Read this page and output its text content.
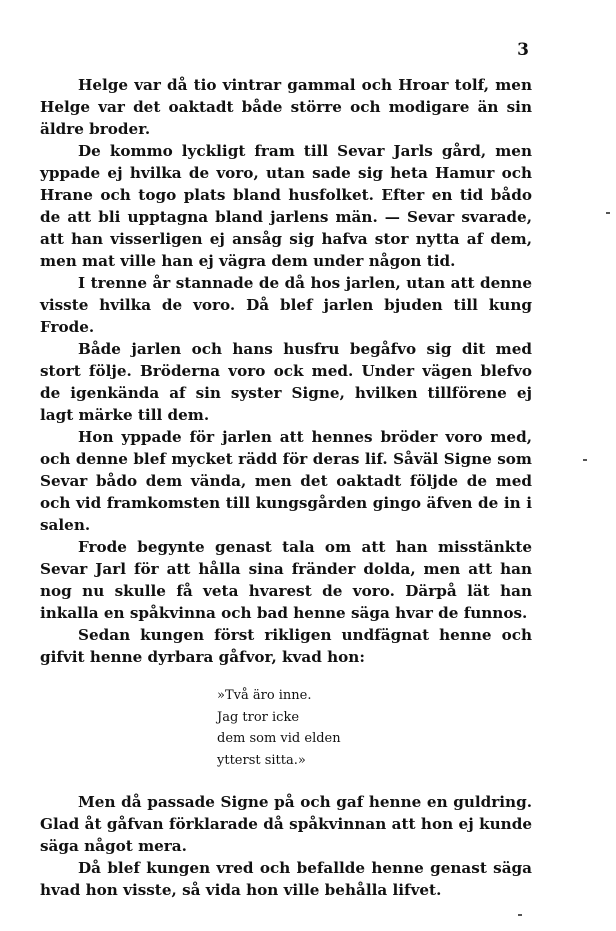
3

Helge var då tio vintrar gammal och Hroar tolf, men Helge var det oaktadt både större och modigare än sin äldre broder.

De kommo lyckligt fram till Sevar Jarls gård, men yppade ej hvilka de voro, utan sade sig heta Hamur och Hrane och togo plats bland husfolket. Efter en tid bådo de att bli upptagna bland jarlens män. — Sevar svarade, att han visserligen ej ansåg sig hafva stor nytta af dem, men mat ville han ej vägra dem under någon tid.

I trenne år stannade de då hos jarlen, utan att denne visste hvilka de voro. Då blef jarlen bjuden till kung Frode.

Både jarlen och hans husfru begåfvo sig dit med stort följe. Bröderna voro ock med. Under vägen blefvo de igenkända af sin syster Signe, hvilken tillförene ej lagt märke till dem.

Hon yppade för jarlen att hennes bröder voro med, och denne blef mycket rädd för deras lif. Såväl Signe som Sevar bådo dem vända, men det oaktadt följde de med och vid framkomsten till kungsgården gingo äfven de in i salen.

Frode begynte genast tala om att han misstänkte Sevar Jarl för att hålla sina fränder dolda, men att han nog nu skulle få veta hvarest de voro. Därpå lät han inkalla en spåkvinna och bad henne säga hvar de funnos.

Sedan kungen först rikligen undfägnat henne och gifvit henne dyrbara gåfvor, kvad hon:

»Två äro inne.
Jag tror icke
dem som vid elden
ytterst sitta.»

Men då passade Signe på och gaf henne en guldring. Glad åt gåfvan förklarade då spåkvinnan att hon ej kunde säga något mera.

Då blef kungen vred och befallde henne genast säga hvad hon visste, så vida hon ville behålla lifvet.
